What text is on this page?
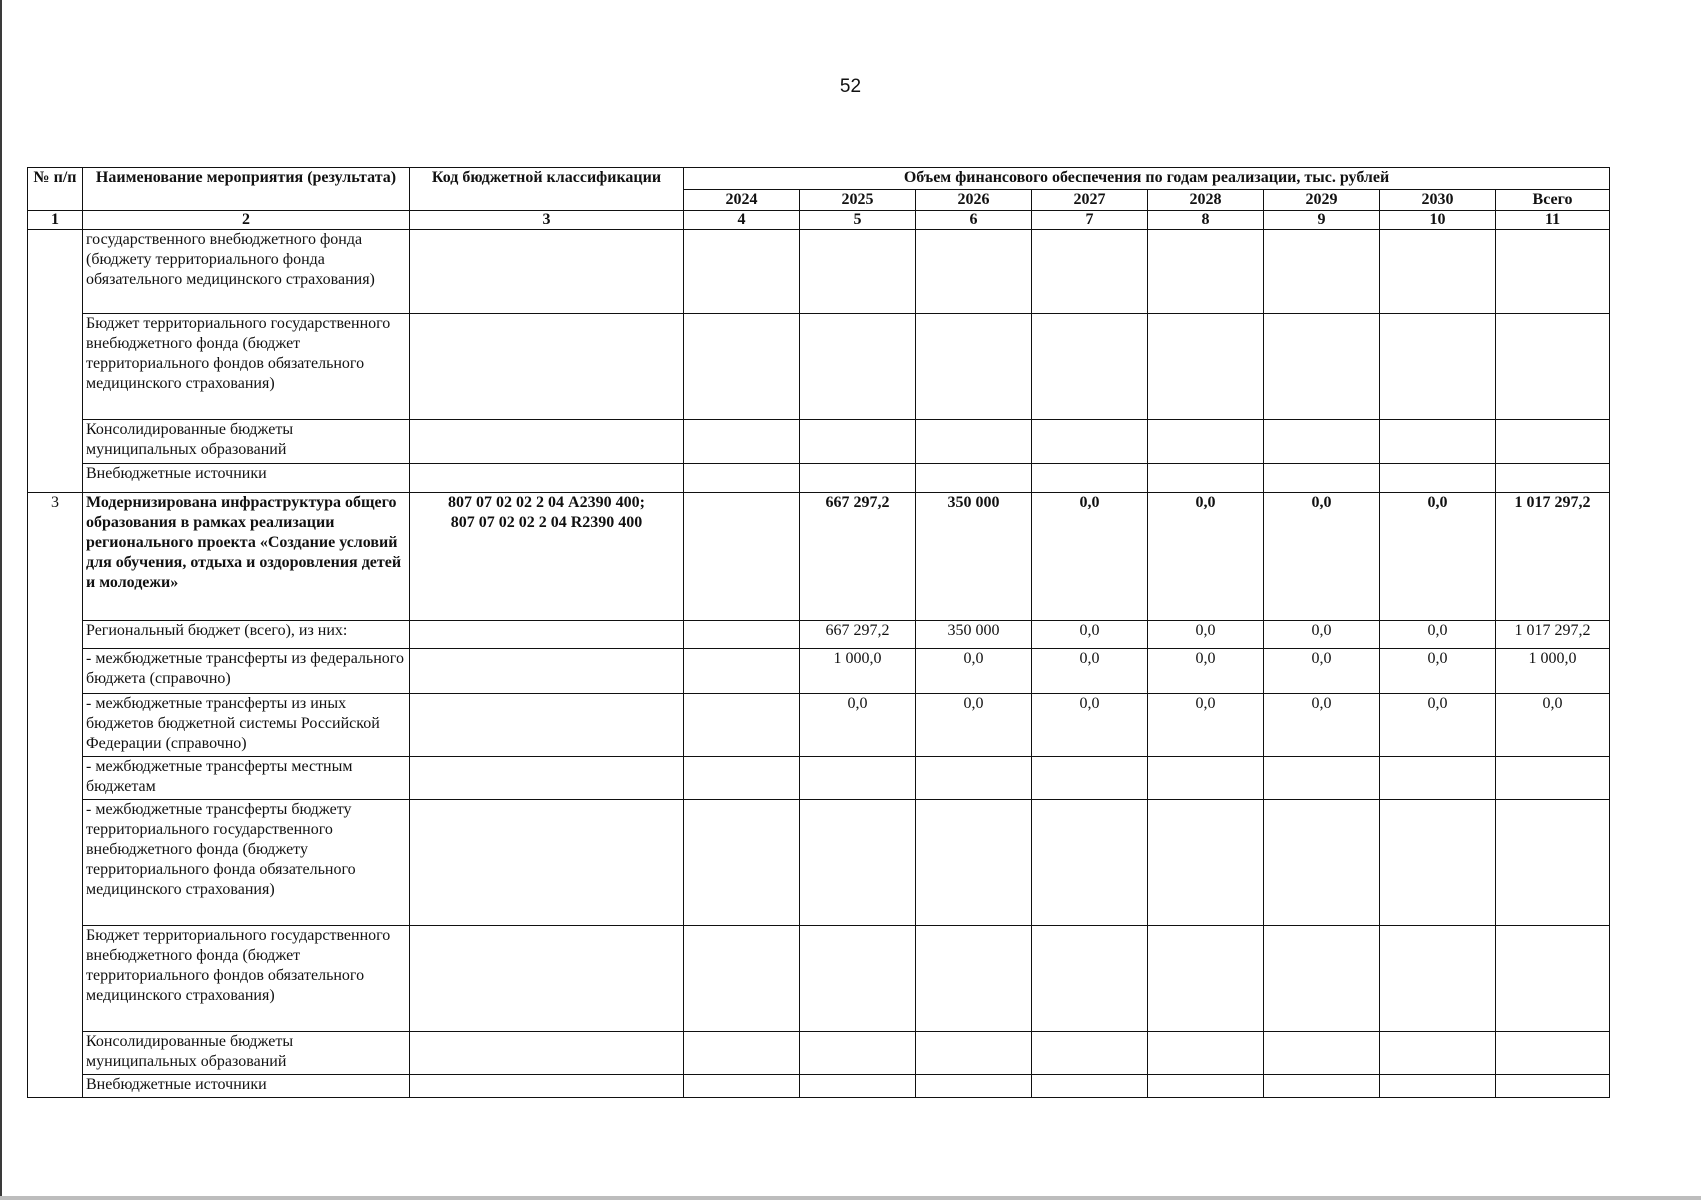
52
№ п/п	Наименование мероприятия (результата)	Код бюджетной классификации	Объем финансового обеспечения по годам реализации, тыс. рублей							
			2024	2025	2026	2027	2028	2029	2030	Всего
1	2	3	4	5	6	7	8	9	10	11
	государственного внебюджетного фонда (бюджету территориального фонда обязательного медицинского страхования)									
	Бюджет территориального государственного внебюджетного фонда (бюджет территориального фондов обязательного медицинского страхования)									
	Консолидированные бюджеты муниципальных образований									
	Внебюджетные источники									
3	Модернизирована инфраструктура общего образования в рамках реализации регионального проекта «Создание условий для обучения, отдыха и оздоровления детей и молодежи»	807 07 02 02 2 04 А2390 400;
807 07 02 02 2 04 R2390 400		667 297,2	350 000	0,0	0,0	0,0	0,0	1 017 297,2
	Региональный бюджет (всего), из них:			667 297,2	350 000	0,0	0,0	0,0	0,0	1 017 297,2
	- межбюджетные трансферты из федерального бюджета (справочно)			1 000,0	0,0	0,0	0,0	0,0	0,0	1 000,0
	- межбюджетные трансферты из иных бюджетов бюджетной системы Российской Федерации (справочно)			0,0	0,0	0,0	0,0	0,0	0,0	0,0
	- межбюджетные трансферты местным бюджетам									
	- межбюджетные трансферты бюджету территориального государственного внебюджетного фонда (бюджету территориального фонда обязательного медицинского страхования)									
	Бюджет территориального государственного внебюджетного фонда (бюджет территориального фондов обязательного медицинского страхования)									
	Консолидированные бюджеты муниципальных образований									
	Внебюджетные источники									
